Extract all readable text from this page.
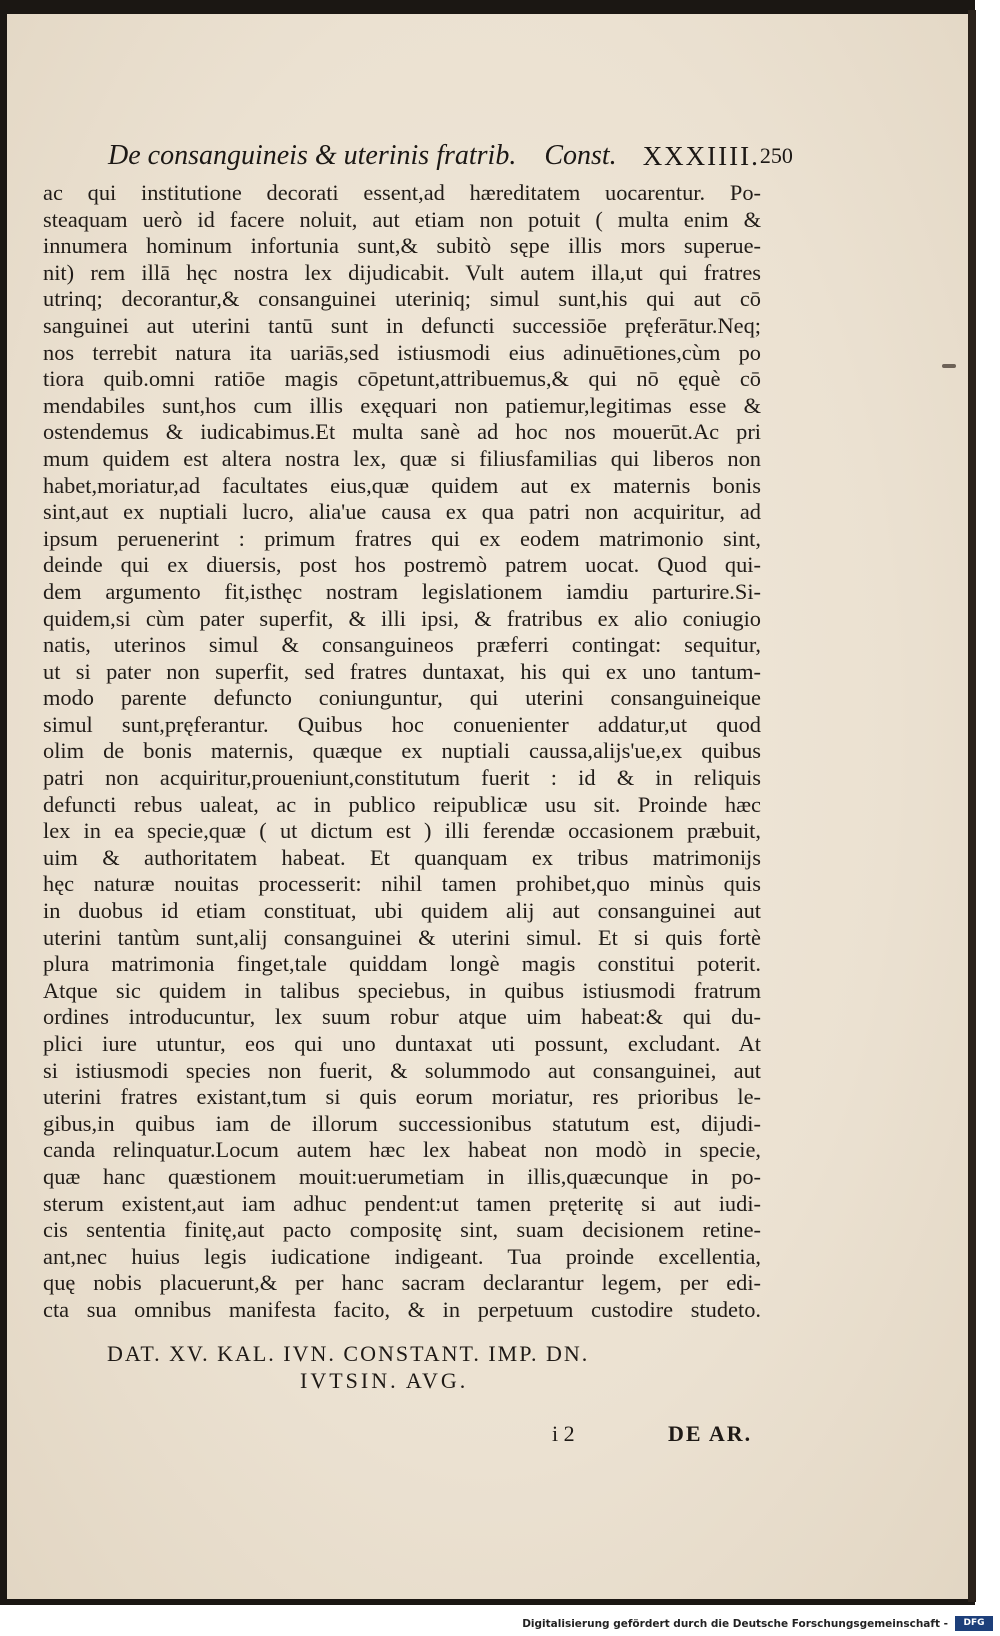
De consanguineis & uterinis fratrib. Const. XXXIIII. 250
ac qui institutione decorati essent,ad hæreditatem uocarentur. Po-
steaquam uerò id facere noluit, aut etiam non potuit ( multa enim &
innumera hominum infortunia sunt,& subitò sępe illis mors superue-
nit) rem illā hęc nostra lex dijudicabit. Vult autem illa,ut qui fratres
utrinq; decorantur,& consanguinei uteriniq; simul sunt,his qui aut cō
sanguinei aut uterini tantū sunt in defuncti successiōe pręferātur.Neq;
nos terrebit natura ita uariās,sed istiusmodi eius adinuētiones,cùm po
tiora quib.omni ratiōe magis cōpetunt,attribuemus,& qui nō ęquè cō
mendabiles sunt,hos cum illis exęquari non patiemur,legitimas esse &
ostendemus & iudicabimus.Et multa sanè ad hoc nos mouerūt.Ac pri
mum quidem est altera nostra lex, quæ si filiusfamilias qui liberos non
habet,moriatur,ad facultates eius,quæ quidem aut ex maternis bonis
sint,aut ex nuptiali lucro, alia'ue causa ex qua patri non acquiritur, ad
ipsum peruenerint : primum fratres qui ex eodem matrimonio sint,
deinde qui ex diuersis, post hos postremò patrem uocat. Quod qui-
dem argumento fit,isthęc nostram legislationem iamdiu parturire.Si-
quidem,si cùm pater superfit, & illi ipsi, & fratribus ex alio coniugio
natis, uterinos simul & consanguineos præferri contingat: sequitur,
ut si pater non superfit, sed fratres duntaxat, his qui ex uno tantum-
modo parente defuncto coniunguntur, qui uterini consanguineique
simul sunt,pręferantur. Quibus hoc conuenienter addatur,ut quod
olim de bonis maternis, quæque ex nuptiali caussa,alijs'ue,ex quibus
patri non acquiritur,proueniunt,constitutum fuerit : id & in reliquis
defuncti rebus ualeat, ac in publico reipublicæ usu sit. Proinde hæc
lex in ea specie,quæ ( ut dictum est ) illi ferendæ occasionem præbuit,
uim & authoritatem habeat. Et quanquam ex tribus matrimonijs
hęc naturæ nouitas processerit: nihil tamen prohibet,quo minùs quis
in duobus id etiam constituat, ubi quidem alij aut consanguinei aut
uterini tantùm sunt,alij consanguinei & uterini simul. Et si quis fortè
plura matrimonia finget,tale quiddam longè magis constitui poterit.
Atque sic quidem in talibus speciebus, in quibus istiusmodi fratrum
ordines introducuntur, lex suum robur atque uim habeat:& qui du-
plici iure utuntur, eos qui uno duntaxat uti possunt, excludant. At
si istiusmodi species non fuerit, & solummodo aut consanguinei, aut
uterini fratres existant,tum si quis eorum moriatur, res prioribus le-
gibus,in quibus iam de illorum successionibus statutum est, dijudi-
canda relinquatur.Locum autem hæc lex habeat non modò in specie,
quæ hanc quæstionem mouit:uerumetiam in illis,quæcunque in po-
sterum existent,aut iam adhuc pendent:ut tamen pręteritę si aut iudi-
cis sententia finitę,aut pacto compositę sint, suam decisionem retine-
ant,nec huius legis iudicatione indigeant. Tua proinde excellentia,
quę nobis placuerunt,& per hanc sacram declarantur legem, per edi-
cta sua omnibus manifesta facito, & in perpetuum custodire studeto.
DAT. XV. KAL. IVN. CONSTANT. IMP. DN.
IVTSIN. AVG.
i 2	DE AR.
Digitalisierung gefördert durch die Deutsche Forschungsgemeinschaft -	DFG
